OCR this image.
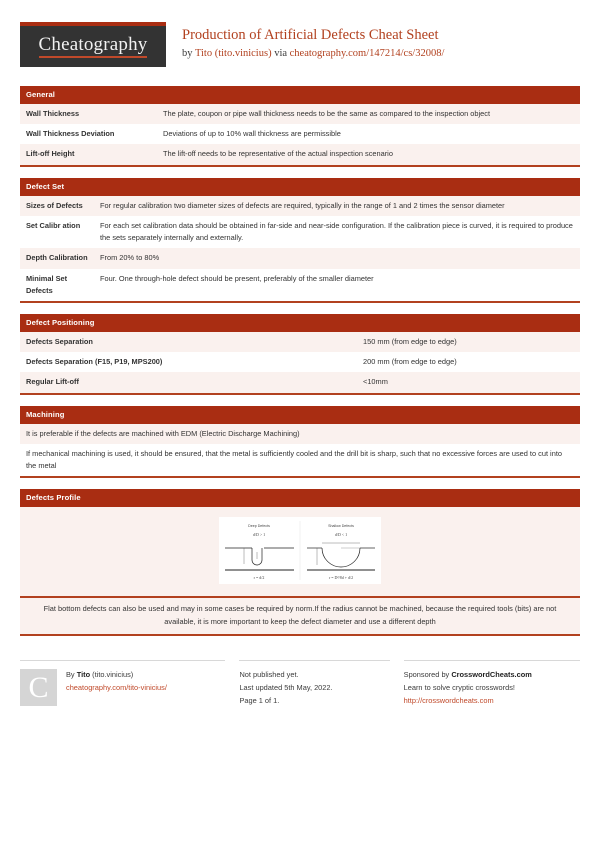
Cheatography Production of Artificial Defects Cheat Sheet
by Tito (tito.vinicius) via cheatography.com/147214/cs/32008/
General
Wall Thickness	The plate, coupon or pipe wall thickness needs to be the same as compared to the inspection object
Wall Thickness Deviation	Deviations of up to 10% wall thickness are permissible
Lift-off Height	The lift-off needs to be representative of the actual inspection scenario
Defect Set
Sizes of Defects	For regular calibration two diameter sizes of defects are required, typically in the range of 1 and 2 times the sensor diameter
Set Calibr ation	For each set calibration data should be obtained in far-side and near-side configuration. If the calibration piece is curved, it is required to produce the sets separately internally and externally.
Depth Calibration	From 20% to 80%
Minimal Set Defects	Four. One through-hole defect should be present, preferably of the smaller diameter
Defect Positioning
Defects Separation	150 mm (from edge to edge)
Defects Separation (F15, P19, MPS200)	200 mm (from edge to edge)
Regular Lift-off	<10mm
Machining
It is preferable if the defects are machined with EDM (Electric Discharge Machining)
If mechanical machining is used, it should be ensured, that the metal is sufficiently cooled and the drill bit is sharp, such that no excessive forces are used to cut into the metal
Defects Profile
Deep Defects
d/D > 1
r = d/2
Shallow Defects
d/D < 1
r = D²/8d + d/2
Flat bottom defects can also be used and may in some cases be required by norm.If the radius cannot be machined, because the required tools (bits) are not available, it is more important to keep the defect diameter and use a different depth
C	By Tito (tito.vinicius)
cheatography.com/tito-vinicius/
Not published yet.
Last updated 5th May, 2022.
Page 1 of 1.
Sponsored by CrosswordCheats.com
Learn to solve cryptic crosswords!
http://crosswordcheats.com
